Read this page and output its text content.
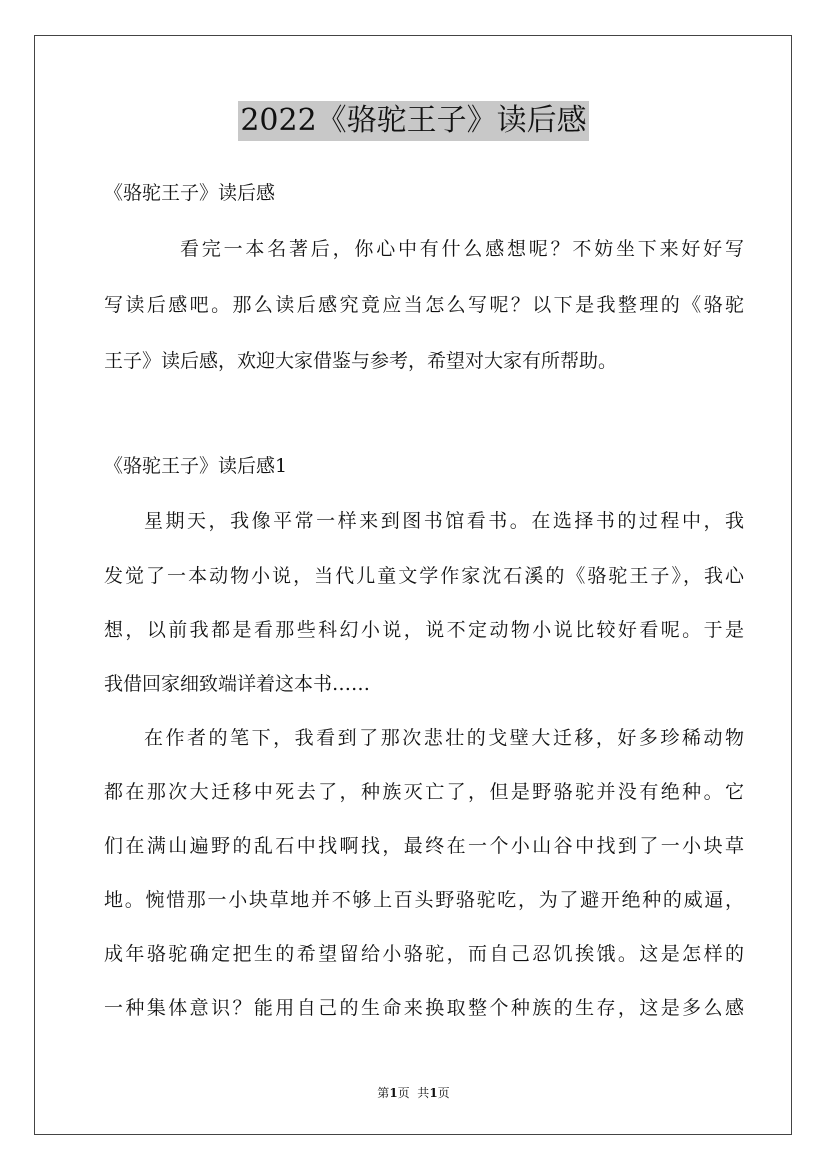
2022《骆驼王子》读后感
《骆驼王子》读后感
看完一本名著后，你心中有什么感想呢？不妨坐下来好好写
写读后感吧。那么读后感究竟应当怎么写呢？以下是我整理的《骆驼
王子》读后感，欢迎大家借鉴与参考，希望对大家有所帮助。
《骆驼王子》读后感1
星期天，我像平常一样来到图书馆看书。在选择书的过程中，我
发觉了一本动物小说，当代儿童文学作家沈石溪的《骆驼王子》，我心
想，以前我都是看那些科幻小说，说不定动物小说比较好看呢。于是
我借回家细致端详着这本书……
在作者的笔下，我看到了那次悲壮的戈壁大迁移，好多珍稀动物
都在那次大迁移中死去了，种族灭亡了，但是野骆驼并没有绝种。它
们在满山遍野的乱石中找啊找，最终在一个小山谷中找到了一小块草
地。惋惜那一小块草地并不够上百头野骆驼吃，为了避开绝种的威逼，
成年骆驼确定把生的希望留给小骆驼，而自己忍饥挨饿。这是怎样的
一种集体意识？能用自己的生命来换取整个种族的生存，这是多么感
第1页  共1页
